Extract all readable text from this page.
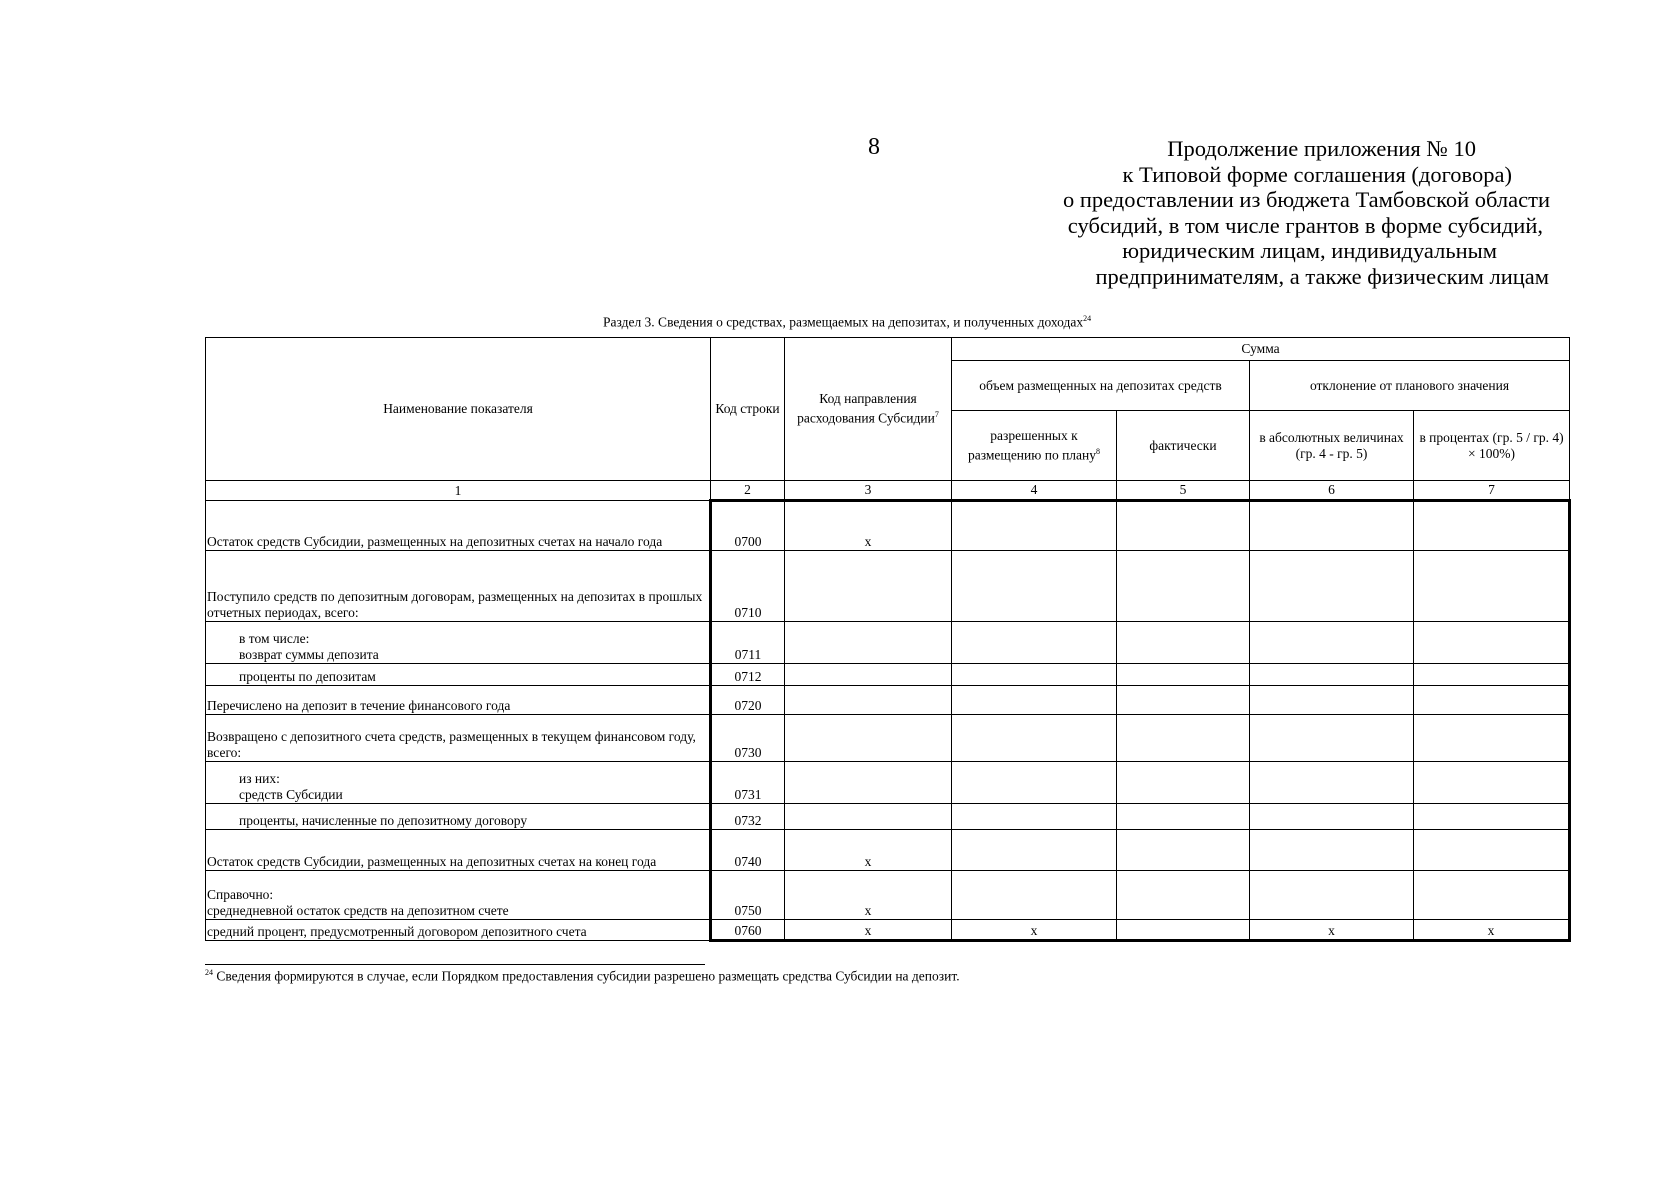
8	Продолжение приложения № 10
к Типовой форме соглашения (договора)
о предоставлении из бюджета Тамбовской области
субсидий, в том числе грантов в форме субсидий,
юридическим лицам, индивидуальным
предпринимателям, а также физическим лицам
Раздел 3. Сведения о средствах, размещаемых на депозитах, и полученных доходах$^{24}$
Наименование показателя	Код строки	Код направления расходования Субсидии$^7$	Сумма			
			объем размещенных на депозитах средств		отклонение от планового значения	
			разрешенных к размещению по плану$^8$	фактически	в абсолютных величинах (гр. 4 - гр. 5)	в процентах (гр. 5 / гр. 4) × 100%)
1	2	3	4	5	6	7
Остаток средств Субсидии, размещенных на депозитных счетах на начало года	0700	x				
Поступило средств по депозитным договорам, размещенных на депозитах в прошлых отчетных периодах, всего:	0710					
в том числе:
возврат суммы депозита	0711					
проценты по депозитам	0712					
Перечислено на депозит в течение финансового года	0720					
Возвращено с депозитного счета средств, размещенных в текущем финансовом году, всего:	0730					
из них:
средств Субсидии	0731					
проценты, начисленные по депозитному договору	0732					
Остаток средств Субсидии, размещенных на депозитных счетах на конец года	0740	x				
Справочно:
среднедневной остаток средств на депозитном счете	0750	x				
средний процент, предусмотренный договором депозитного счета	0760	x	x		x	x
$^{24}$ Сведения формируются в случае, если Порядком предоставления субсидии разрешено размещать средства Субсидии на депозит.
